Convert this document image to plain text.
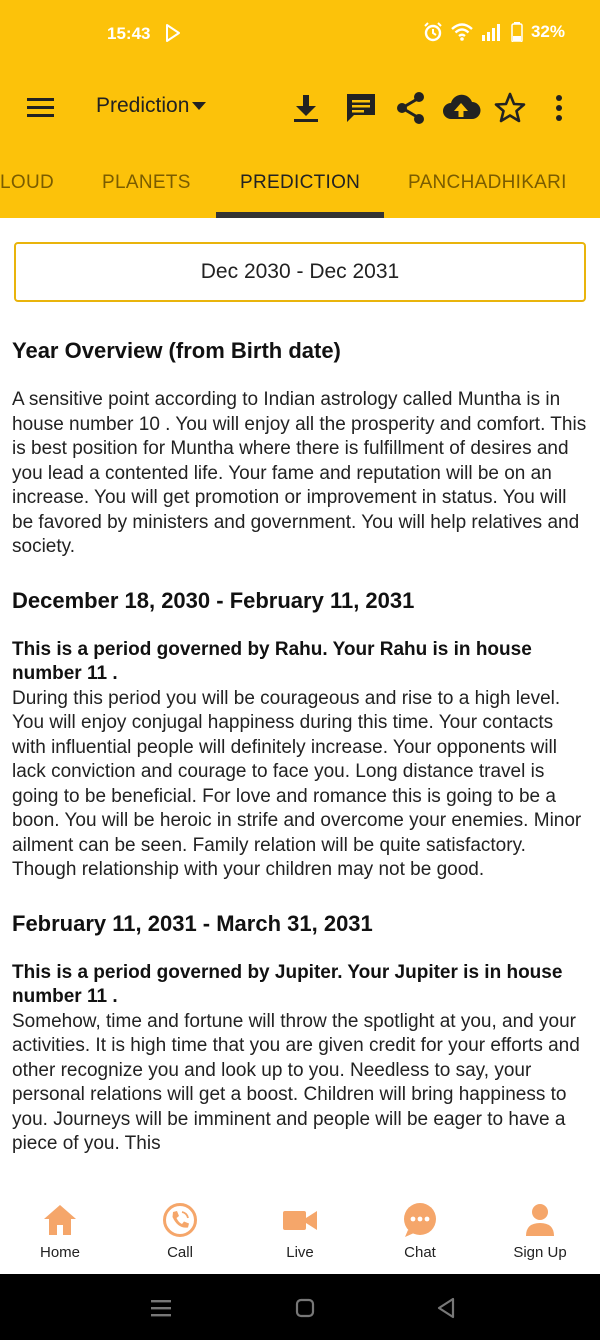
15:43	32%
Prediction
LOUD	PLANETS	PREDICTION	PANCHADHIKARI
Dec 2030 - Dec 2031
Year Overview (from Birth date)
A sensitive point according to Indian astrology called Muntha is in house number 10 . You will enjoy all the prosperity and comfort. This is best position for Muntha where there is fulfillment of desires and you lead a contented life. Your fame and reputation will be on an increase. You will get promotion or improvement in status. You will be favored by ministers and government. You will help relatives and society.
December 18, 2030 - February 11, 2031
This is a period governed by Rahu. Your Rahu is in house number 11 .
During this period you will be courageous and rise to a high level. You will enjoy conjugal happiness during this time. Your contacts with influential people will definitely increase. Your opponents will lack conviction and courage to face you. Long distance travel is going to be beneficial. For love and romance this is going to be a boon. You will be heroic in strife and overcome your enemies. Minor ailment can be seen. Family relation will be quite satisfactory. Though relationship with your children may not be good.
February 11, 2031 - March 31, 2031
This is a period governed by Jupiter. Your Jupiter is in house number 11 .
Somehow, time and fortune will throw the spotlight at you, and your activities. It is high time that you are given credit for your efforts and other recognize you and look up to you. Needless to say, your personal relations will get a boost. Children will bring happiness to you. Journeys will be imminent and people will be eager to have a piece of you. This
Home	Call	Live	Chat	Sign Up
